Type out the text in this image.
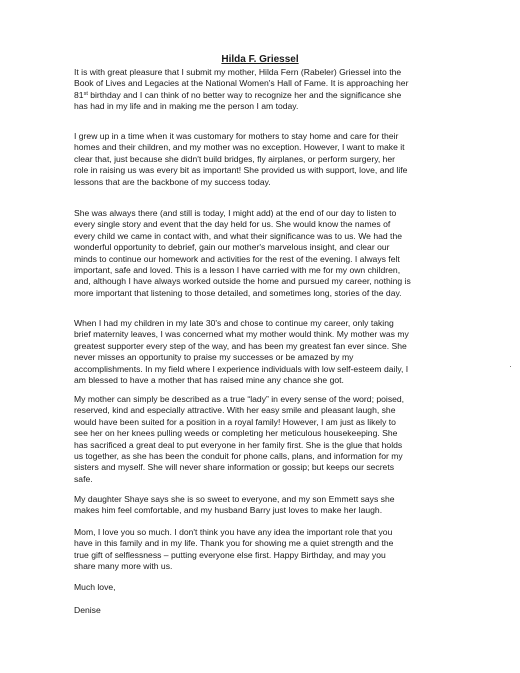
Hilda F. Griessel
It is with great pleasure that I submit my mother, Hilda Fern (Rabeler) Griessel into the
Book of Lives and Legacies at the National Women's Hall of Fame. It is approaching her
81st birthday and I can think of no better way to recognize her and the significance she
has had in my life and in making me the person I am today.
I grew up in a time when it was customary for mothers to stay home and care for their
homes and their children, and my mother was no exception. However, I want to make it
clear that, just because she didn't build bridges, fly airplanes, or perform surgery, her
role in raising us was every bit as important! She provided us with support, love, and life
lessons that are the backbone of my success today.
She was always there (and still is today, I might add) at the end of our day to listen to
every single story and event that the day held for us. She would know the names of
every child we came in contact with, and what their significance was to us. We had the
wonderful opportunity to debrief, gain our mother's marvelous insight, and clear our
minds to continue our homework and activities for the rest of the evening. I always felt
important, safe and loved. This is a lesson I have carried with me for my own children,
and, although I have always worked outside the home and pursued my career, nothing is
more important that listening to those detailed, and sometimes long, stories of the day.
When I had my children in my late 30's and chose to continue my career, only taking
brief maternity leaves, I was concerned what my mother would think. My mother was my
greatest supporter every step of the way, and has been my greatest fan ever since. She
never misses an opportunity to praise my successes or be amazed by my
accomplishments. In my field where I experience individuals with low self-esteem daily, I
am blessed to have a mother that has raised mine any chance she got.
My mother can simply be described as a true “lady” in every sense of the word; poised,
reserved, kind and especially attractive. With her easy smile and pleasant laugh, she
would have been suited for a position in a royal family! However, I am just as likely to
see her on her knees pulling weeds or completing her meticulous housekeeping. She
has sacrificed a great deal to put everyone in her family first. She is the glue that holds
us together, as she has been the conduit for phone calls, plans, and information for my
sisters and myself. She will never share information or gossip; but keeps our secrets
safe.
My daughter Shaye says she is so sweet to everyone, and my son Emmett says she
makes him feel comfortable, and my husband Barry just loves to make her laugh.
Mom, I love you so much. I don't think you have any idea the important role that you
have in this family and in my life. Thank you for showing me a quiet strength and the
true gift of selflessness – putting everyone else first. Happy Birthday, and may you
share many more with us.
Much love,
Denise
